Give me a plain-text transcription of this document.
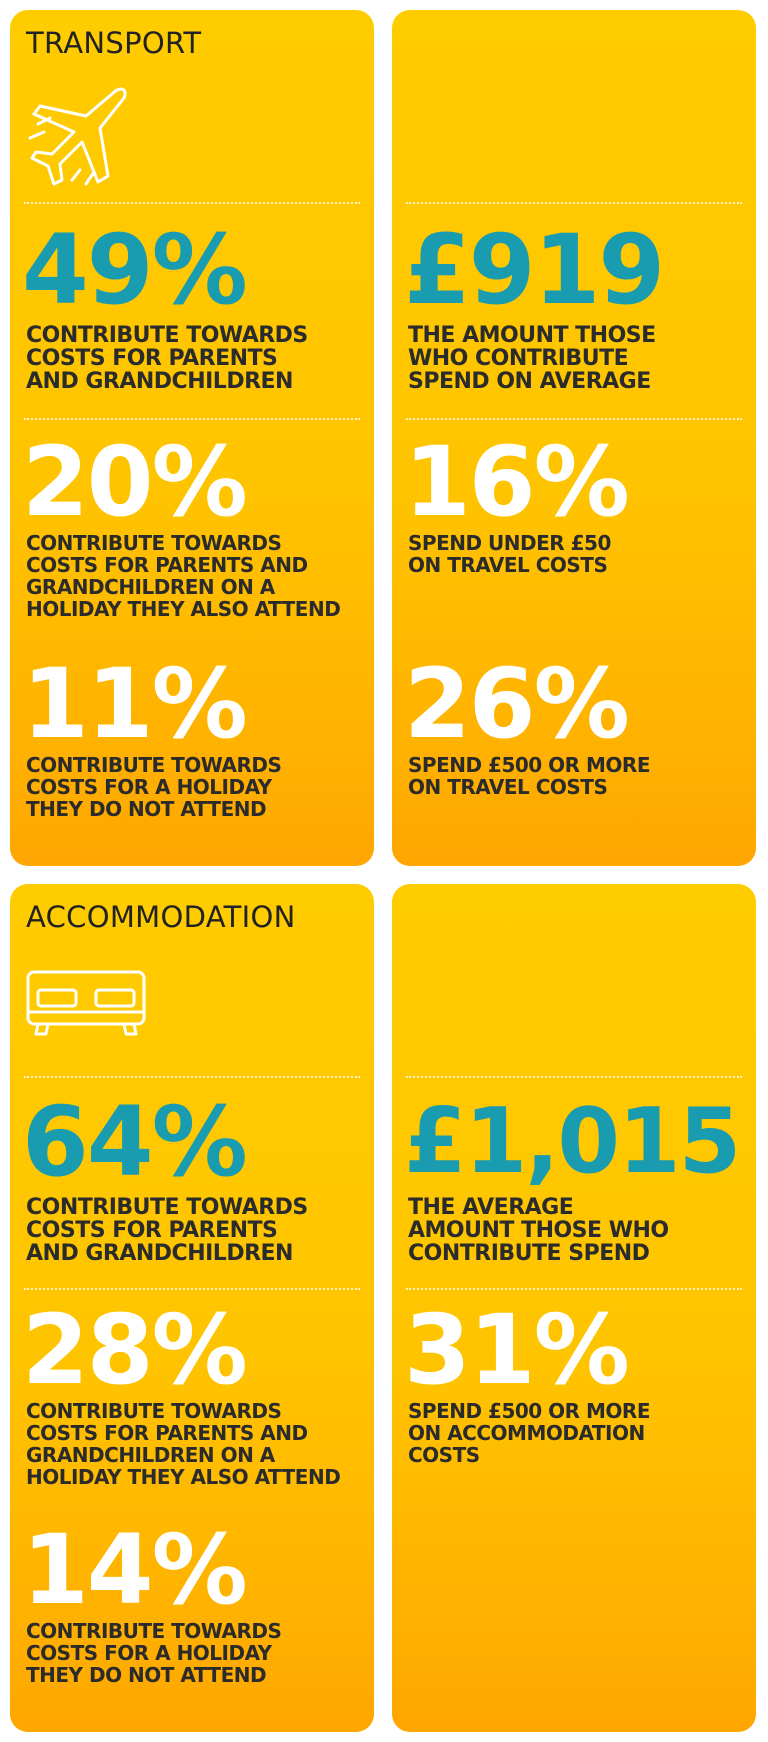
TRANSPORT
49%
CONTRIBUTE TOWARDS
COSTS FOR PARENTS
AND GRANDCHILDREN
20%
CONTRIBUTE TOWARDS
COSTS FOR PARENTS AND
GRANDCHILDREN ON A
HOLIDAY THEY ALSO ATTEND
11%
CONTRIBUTE TOWARDS
COSTS FOR A HOLIDAY
THEY DO NOT ATTEND
£919
THE AMOUNT THOSE
WHO CONTRIBUTE
SPEND ON AVERAGE
16%
SPEND UNDER £50
ON TRAVEL COSTS
26%
SPEND £500 OR MORE
ON TRAVEL COSTS
ACCOMMODATION
64%
CONTRIBUTE TOWARDS
COSTS FOR PARENTS
AND GRANDCHILDREN
28%
CONTRIBUTE TOWARDS
COSTS FOR PARENTS AND
GRANDCHILDREN ON A
HOLIDAY THEY ALSO ATTEND
14%
CONTRIBUTE TOWARDS
COSTS FOR A HOLIDAY
THEY DO NOT ATTEND
£1,015
THE AVERAGE
AMOUNT THOSE WHO
CONTRIBUTE SPEND
31%
SPEND £500 OR MORE
ON ACCOMMODATION
COSTS
